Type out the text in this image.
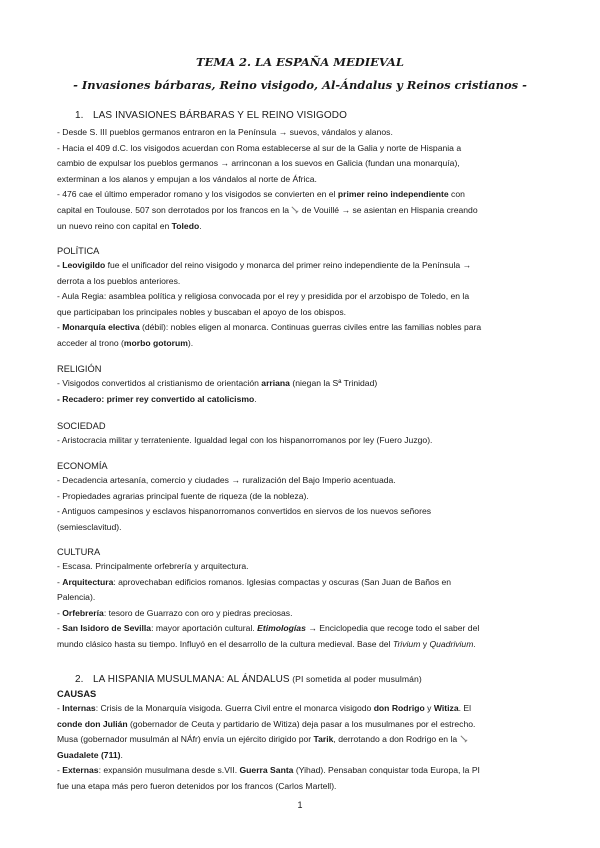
TEMA 2. LA ESPAÑA MEDIEVAL
- Invasiones bárbaras, Reino visigodo, Al-Ándalus y Reinos cristianos -
1. LAS INVASIONES BÁRBARAS Y EL REINO VISIGODO
- Desde S. III pueblos germanos entraron en la Península → suevos, vándalos y alanos.
- Hacia el 409 d.C. los visigodos acuerdan con Roma establecerse al sur de la Galia y norte de Hispania a
cambio de expulsar los pueblos germanos → arrinconan a los suevos en Galicia (fundan una monarquía),
exterminan a los alanos y empujan a los vándalos al norte de África.
- 476 cae el último emperador romano y los visigodos se convierten en el primer reino independiente con
capital en Toulouse. 507 son derrotados por los francos en la  de Vouillé → se asientan en Hispania creando
un nuevo reino con capital en Toledo.
POLÍTICA
- Leovigildo fue el unificador del reino visigodo y monarca del primer reino independiente de la Península →
derrota a los pueblos anteriores.
- Aula Regia: asamblea política y religiosa convocada por el rey y presidida por el arzobispo de Toledo, en la
que participaban los principales nobles y buscaban el apoyo de los obispos.
- Monarquía electiva (débil): nobles eligen al monarca. Continuas guerras civiles entre las familias nobles para
acceder al trono (morbo gotorum).
RELIGIÓN
- Visigodos convertidos al cristianismo de orientación arriana (niegan la Sª Trinidad)
- Recadero: primer rey convertido al catolicismo.
SOCIEDAD
- Aristocracia militar y terrateniente. Igualdad legal con los hispanorromanos por ley (Fuero Juzgo).
ECONOMÍA
- Decadencia artesanía, comercio y ciudades → ruralización del Bajo Imperio acentuada.
- Propiedades agrarias principal fuente de riqueza (de la nobleza).
- Antiguos campesinos y esclavos hispanorromanos convertidos en siervos de los nuevos señores
(semiesclavitud).
CULTURA
- Escasa. Principalmente orfebrería y arquitectura.
- Arquitectura: aprovechaban edificios romanos. Iglesias compactas y oscuras (San Juan de Baños en
Palencia).
- Orfebrería: tesoro de Guarrazo con oro y piedras preciosas.
- San Isidoro de Sevilla: mayor aportación cultural. Etimologías → Enciclopedia que recoge todo el saber del
mundo clásico hasta su tiempo. Influyó en el desarrollo de la cultura medieval. Base del Trivium y Quadrivium.
2. LA HISPANIA MUSULMANA: AL ÁNDALUS (PI sometida al poder musulmán)
CAUSAS
- Internas: Crisis de la Monarquía visigoda. Guerra Civil entre el monarca visigodo don Rodrigo y Witiza. El
conde don Julián (gobernador de Ceuta y partidario de Witiza) deja pasar a los musulmanes por el estrecho.
Musa (gobernador musulmán al NÁfr) envía un ejército dirigido por Tarik, derrotando a don Rodrigo en la
Guadalete (711).
- Externas: expansión musulmana desde s.VII. Guerra Santa (Yihad). Pensaban conquistar toda Europa, la PI
fue una etapa más pero fueron detenidos por los francos (Carlos Martell).
1
